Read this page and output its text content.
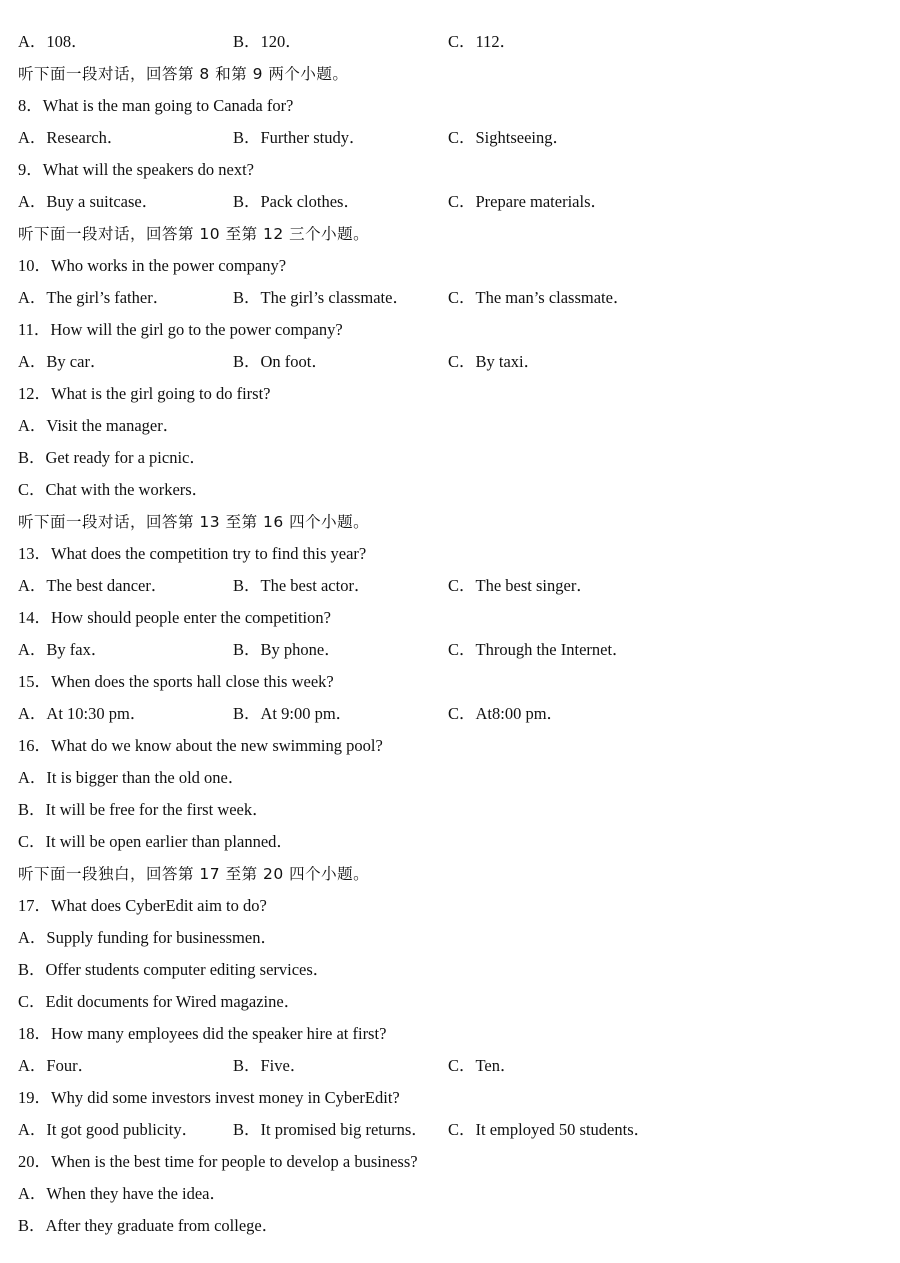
A．108．	B．120．	C．112．
听下面一段对话，回答第 8 和第 9 两个小题。
8．What is the man going to Canada for?
A．Research．	B．Further study．	C．Sightseeing．
9．What will the speakers do next?
A．Buy a suitcase．	B．Pack clothes．	C．Prepare materials．
听下面一段对话，回答第 10 至第 12 三个小题。
10．Who works in the power company?
A．The girl’s father．	B．The girl’s classmate． C．The man’s classmate．
11．How will the girl go to the power company?
A．By car．	B．On foot．	C．By taxi．
12．What is the girl going to do first?
A．Visit the manager．
B．Get ready for a picnic．
C．Chat with the workers．
听下面一段对话，回答第 13 至第 16 四个小题。
13．What does the competition try to find this year?
A．The best dancer．	B．The best actor．	C．The best singer．
14．How should people enter the competition?
A．By fax．	B．By phone．	C．Through the Internet．
15．When does the sports hall close this week?
A．At 10:30 pm．	B．At 9:00 pm．	C．At8:00 pm．
16．What do we know about the new swimming pool?
A．It is bigger than the old one．
B．It will be free for the first week．
C．It will be open earlier than planned．
听下面一段独白，回答第 17 至第 20 四个小题。
17．What does CyberEdit aim to do?
A．Supply funding for businessmen．
B．Offer students computer editing services．
C．Edit documents for Wired magazine．
18．How many employees did the speaker hire at first?
A．Four．	B．Five．	C．Ten．
19．Why did some investors invest money in CyberEdit?
A．It got good publicity． B．It promised big returns． C．It employed 50 students．
20．When is the best time for people to develop a business?
A．When they have the idea．
B．After they graduate from college．
